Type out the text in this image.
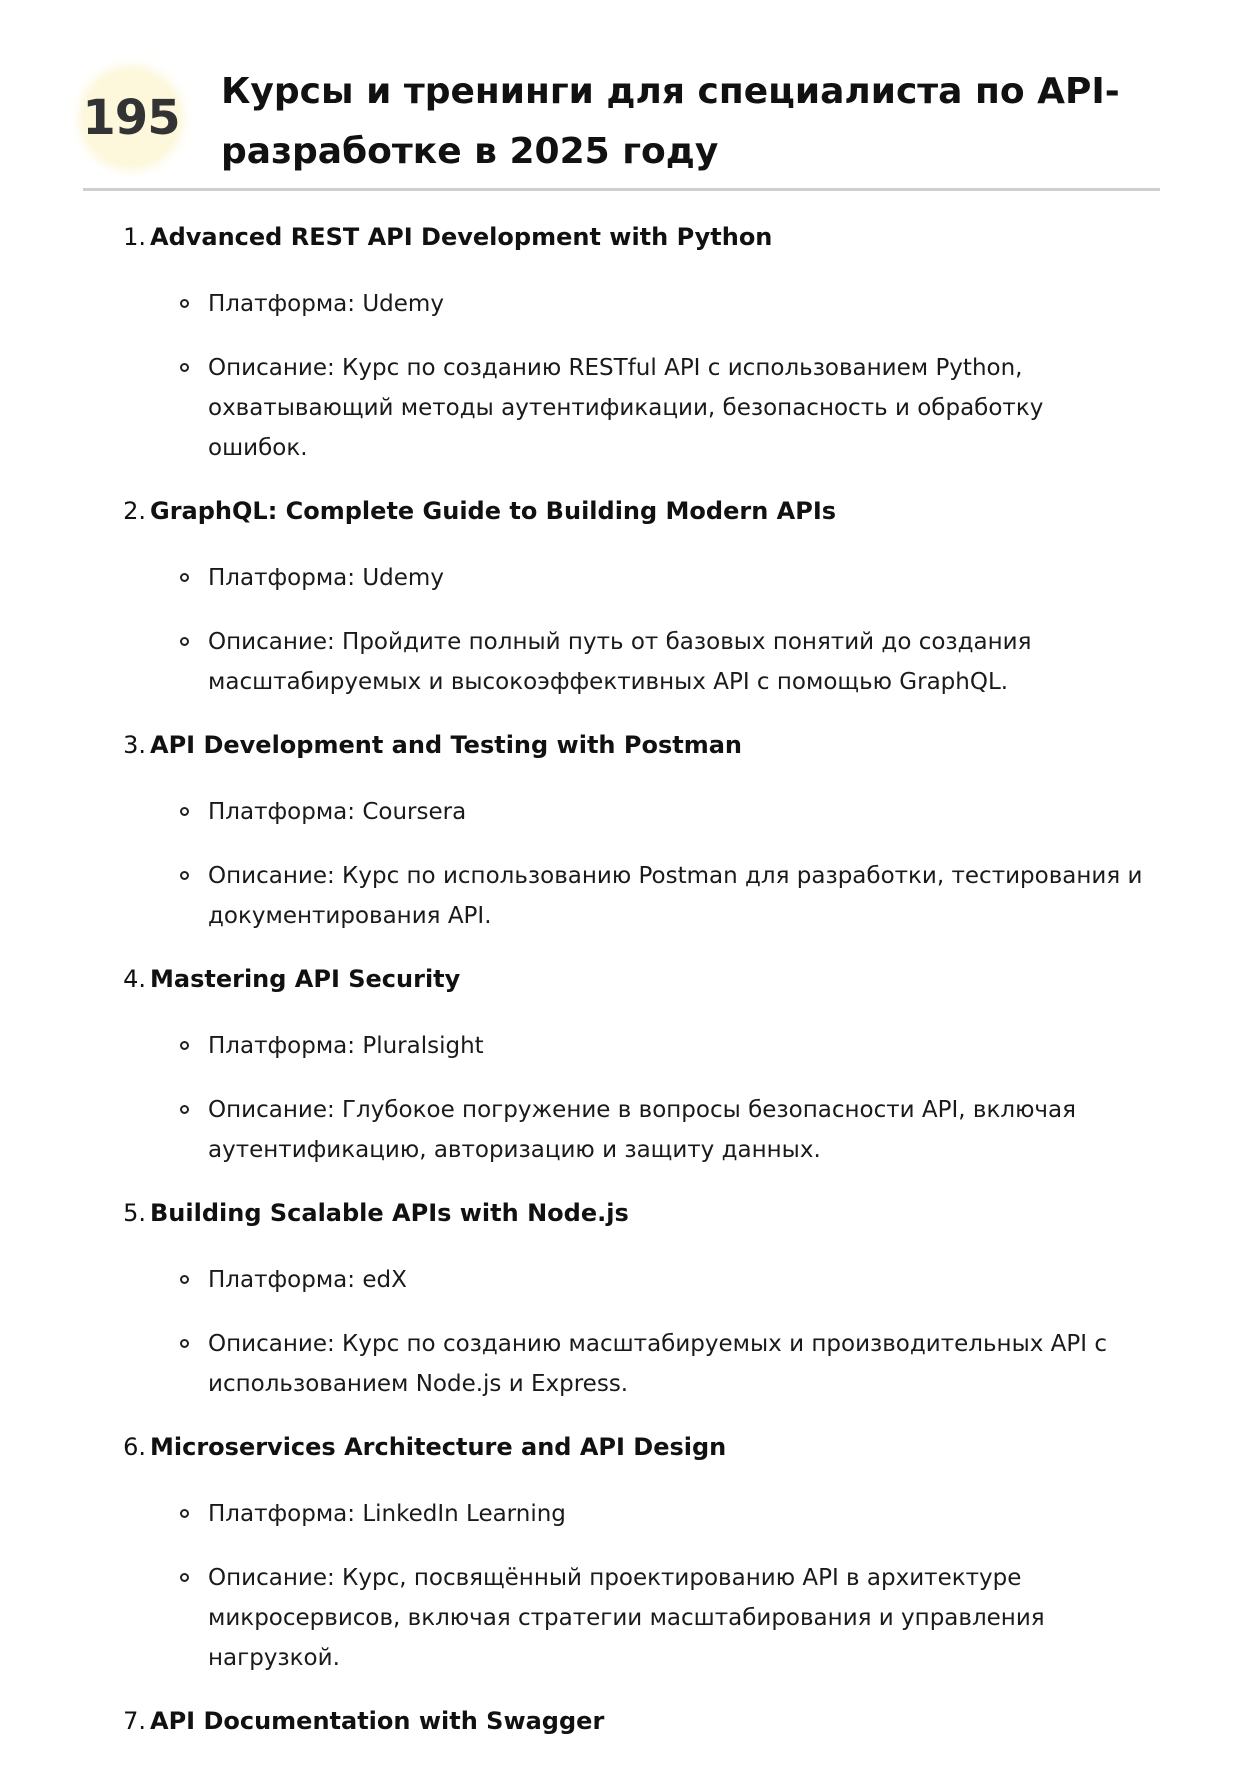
195 Курсы и тренинги для специалиста по API-разработке в 2025 году
1. Advanced REST API Development with Python
Платформа: Udemy
Описание: Курс по созданию RESTful API с использованием Python, охватывающий методы аутентификации, безопасность и обработку ошибок.
2. GraphQL: Complete Guide to Building Modern APIs
Платформа: Udemy
Описание: Пройдите полный путь от базовых понятий до создания масштабируемых и высокоэффективных API с помощью GraphQL.
3. API Development and Testing with Postman
Платформа: Coursera
Описание: Курс по использованию Postman для разработки, тестирования и документирования API.
4. Mastering API Security
Платформа: Pluralsight
Описание: Глубокое погружение в вопросы безопасности API, включая аутентификацию, авторизацию и защиту данных.
5. Building Scalable APIs with Node.js
Платформа: edX
Описание: Курс по созданию масштабируемых и производительных API с использованием Node.js и Express.
6. Microservices Architecture and API Design
Платформа: LinkedIn Learning
Описание: Курс, посвящённый проектированию API в архитектуре микросервисов, включая стратегии масштабирования и управления нагрузкой.
7. API Documentation with Swagger
